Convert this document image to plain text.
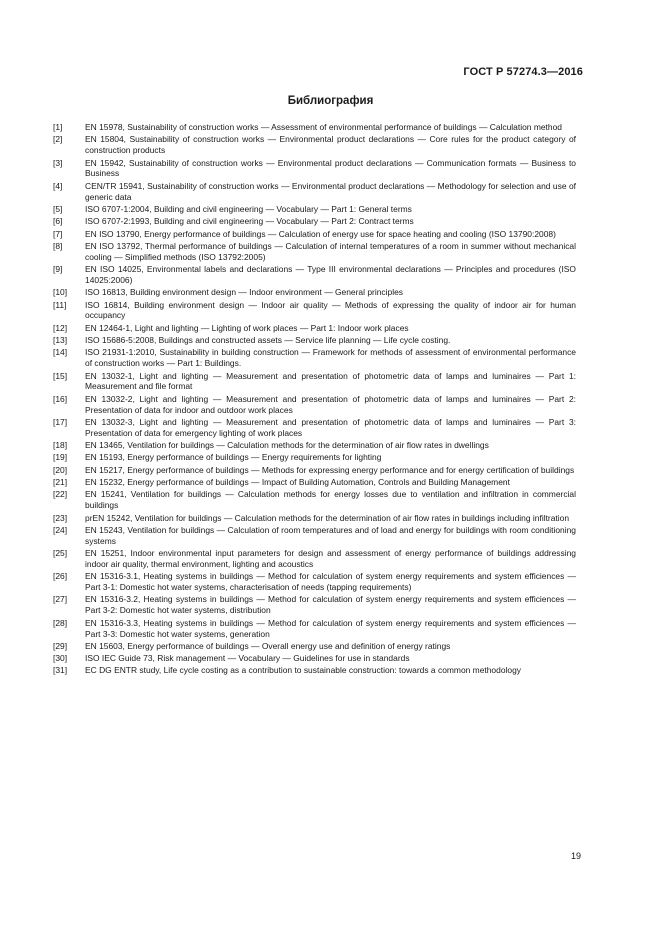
ГОСТ Р 57274.3—2016
Библиография
[1]	EN 15978, Sustainability of construction works — Assessment of environmental performance of buildings — Calculation method
[2]	EN 15804, Sustainability of construction works — Environmental product declarations — Core rules for the product category of construction products
[3]	EN 15942, Sustainability of construction works — Environmental product declarations — Communication formats — Business to Business
[4]	CEN/TR 15941, Sustainability of construction works — Environmental product declarations — Methodology for selection and use of generic data
[5]	ISO 6707-1:2004, Building and civil engineering — Vocabulary — Part 1: General terms
[6]	ISO 6707-2:1993, Building and civil engineering — Vocabulary — Part 2: Contract terms
[7]	EN ISO 13790, Energy performance of buildings — Calculation of energy use for space heating and cooling (ISO 13790:2008)
[8]	EN ISO 13792, Thermal performance of buildings — Calculation of internal temperatures of a room in summer without mechanical cooling — Simplified methods (ISO 13792:2005)
[9]	EN ISO 14025, Environmental labels and declarations — Type III environmental declarations — Principles and procedures (ISO 14025:2006)
[10]	ISO 16813, Building environment design — Indoor environment — General principles
[11]	ISO 16814, Building environment design — Indoor air quality — Methods of expressing the quality of indoor air for human occupancy
[12]	EN 12464-1, Light and lighting — Lighting of work places — Part 1: Indoor work places
[13]	ISO 15686-5:2008, Buildings and constructed assets — Service life planning — Life cycle costing.
[14]	ISO 21931-1:2010, Sustainability in building construction — Framework for methods of assessment of environmental performance of construction works — Part 1: Buildings.
[15]	EN 13032-1, Light and lighting — Measurement and presentation of photometric data of lamps and luminaires — Part 1: Measurement and file format
[16]	EN 13032-2, Light and lighting — Measurement and presentation of photometric data of lamps and luminaires — Part 2: Presentation of data for indoor and outdoor work places
[17]	EN 13032-3, Light and lighting — Measurement and presentation of photometric data of lamps and luminaires — Part 3: Presentation of data for emergency lighting of work places
[18]	EN 13465, Ventilation for buildings — Calculation methods for the determination of air flow rates in dwellings
[19]	EN 15193, Energy performance of buildings — Energy requirements for lighting
[20]	EN 15217, Energy performance of buildings — Methods for expressing energy performance and for energy certification of buildings
[21]	EN 15232, Energy performance of buildings — Impact of Building Automation, Controls and Building Management
[22]	EN 15241, Ventilation for buildings — Calculation methods for energy losses due to ventilation and infiltration in commercial buildings
[23]	prEN 15242, Ventilation for buildings — Calculation methods for the determination of air flow rates in buildings including infiltration
[24]	EN 15243, Ventilation for buildings — Calculation of room temperatures and of load and energy for buildings with room conditioning systems
[25]	EN 15251, Indoor environmental input parameters for design and assessment of energy performance of buildings addressing indoor air quality, thermal environment, lighting and acoustics
[26]	EN 15316-3.1, Heating systems in buildings — Method for calculation of system energy requirements and system efficiences — Part 3-1: Domestic hot water systems, characterisation of needs (tapping requirements)
[27]	EN 15316-3.2, Heating systems in buildings — Method for calculation of system energy requirements and system efficiences — Part 3-2: Domestic hot water systems, distribution
[28]	EN 15316-3.3, Heating systems in buildings — Method for calculation of system energy requirements and system efficiences — Part 3-3: Domestic hot water systems, generation
[29]	EN 15603, Energy performance of buildings — Overall energy use and definition of energy ratings
[30]	ISO IEC Guide 73, Risk management — Vocabulary — Guidelines for use in standards
[31]	EC DG ENTR study, Life cycle costing as a contribution to sustainable construction: towards a common methodology
19
